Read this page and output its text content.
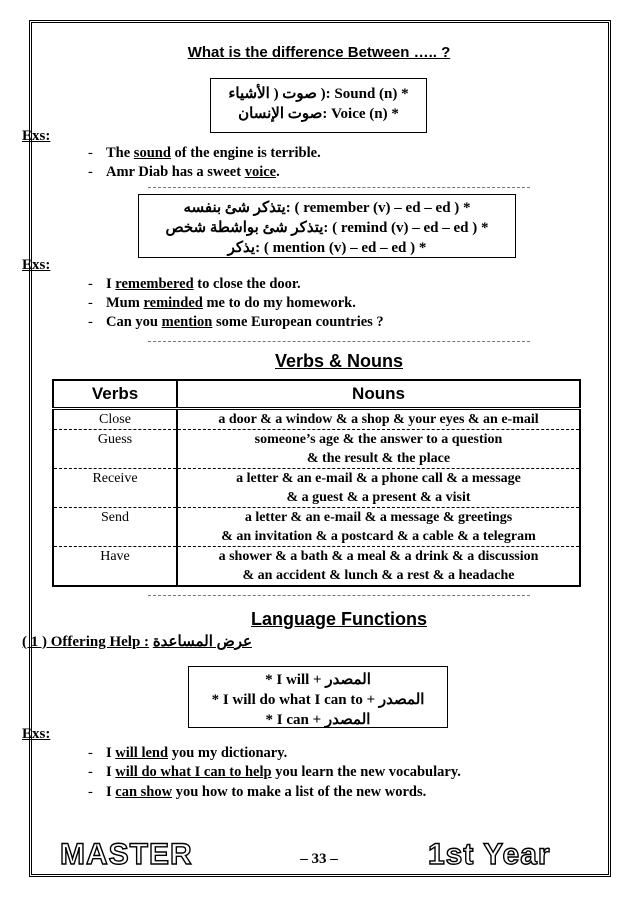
What is the difference Between ….. ?
* Sound (n) :( صوت ( الأشياء
* Voice (n) :صوت الإنسان
Exs:
- The sound of the engine is terrible.
- Amr Diab has a sweet voice.
* ( remember (v) – ed – ed ) :يتذكر شئ بنفسه
* ( remind (v) – ed – ed ) :يتذكر شئ بواشطة شخص
* ( mention (v) – ed – ed ) :يذكر
Exs:
- I remembered to close the door.
- Mum reminded me to do my homework.
- Can you mention some European countries ?
Verbs & Nouns
Verbs	Nouns
Close	a door & a window & a shop & your eyes & an e-mail

Guess	someone’s age & the answer to a question
& the result & the place

Receive	a letter & an e-mail & a phone call & a message
& a guest & a present & a visit

Send	a letter & an e-mail & a message & greetings
& an invitation & a postcard & a cable & a telegram

Have	a shower & a bath & a meal & a drink & a discussion
& an accident & lunch & a rest & a headache
Language Functions
( 1 ) Offering Help : عرض المساعدة
* I will + المصدر
* I will do what I can to + المصدر
* I can + المصدر
Exs:
- I will lend you my dictionary.
- I will do what I can to help you learn the new vocabulary.
- I can show you how to make a list of the new words.
MASTER	– 33 –	1st Year
